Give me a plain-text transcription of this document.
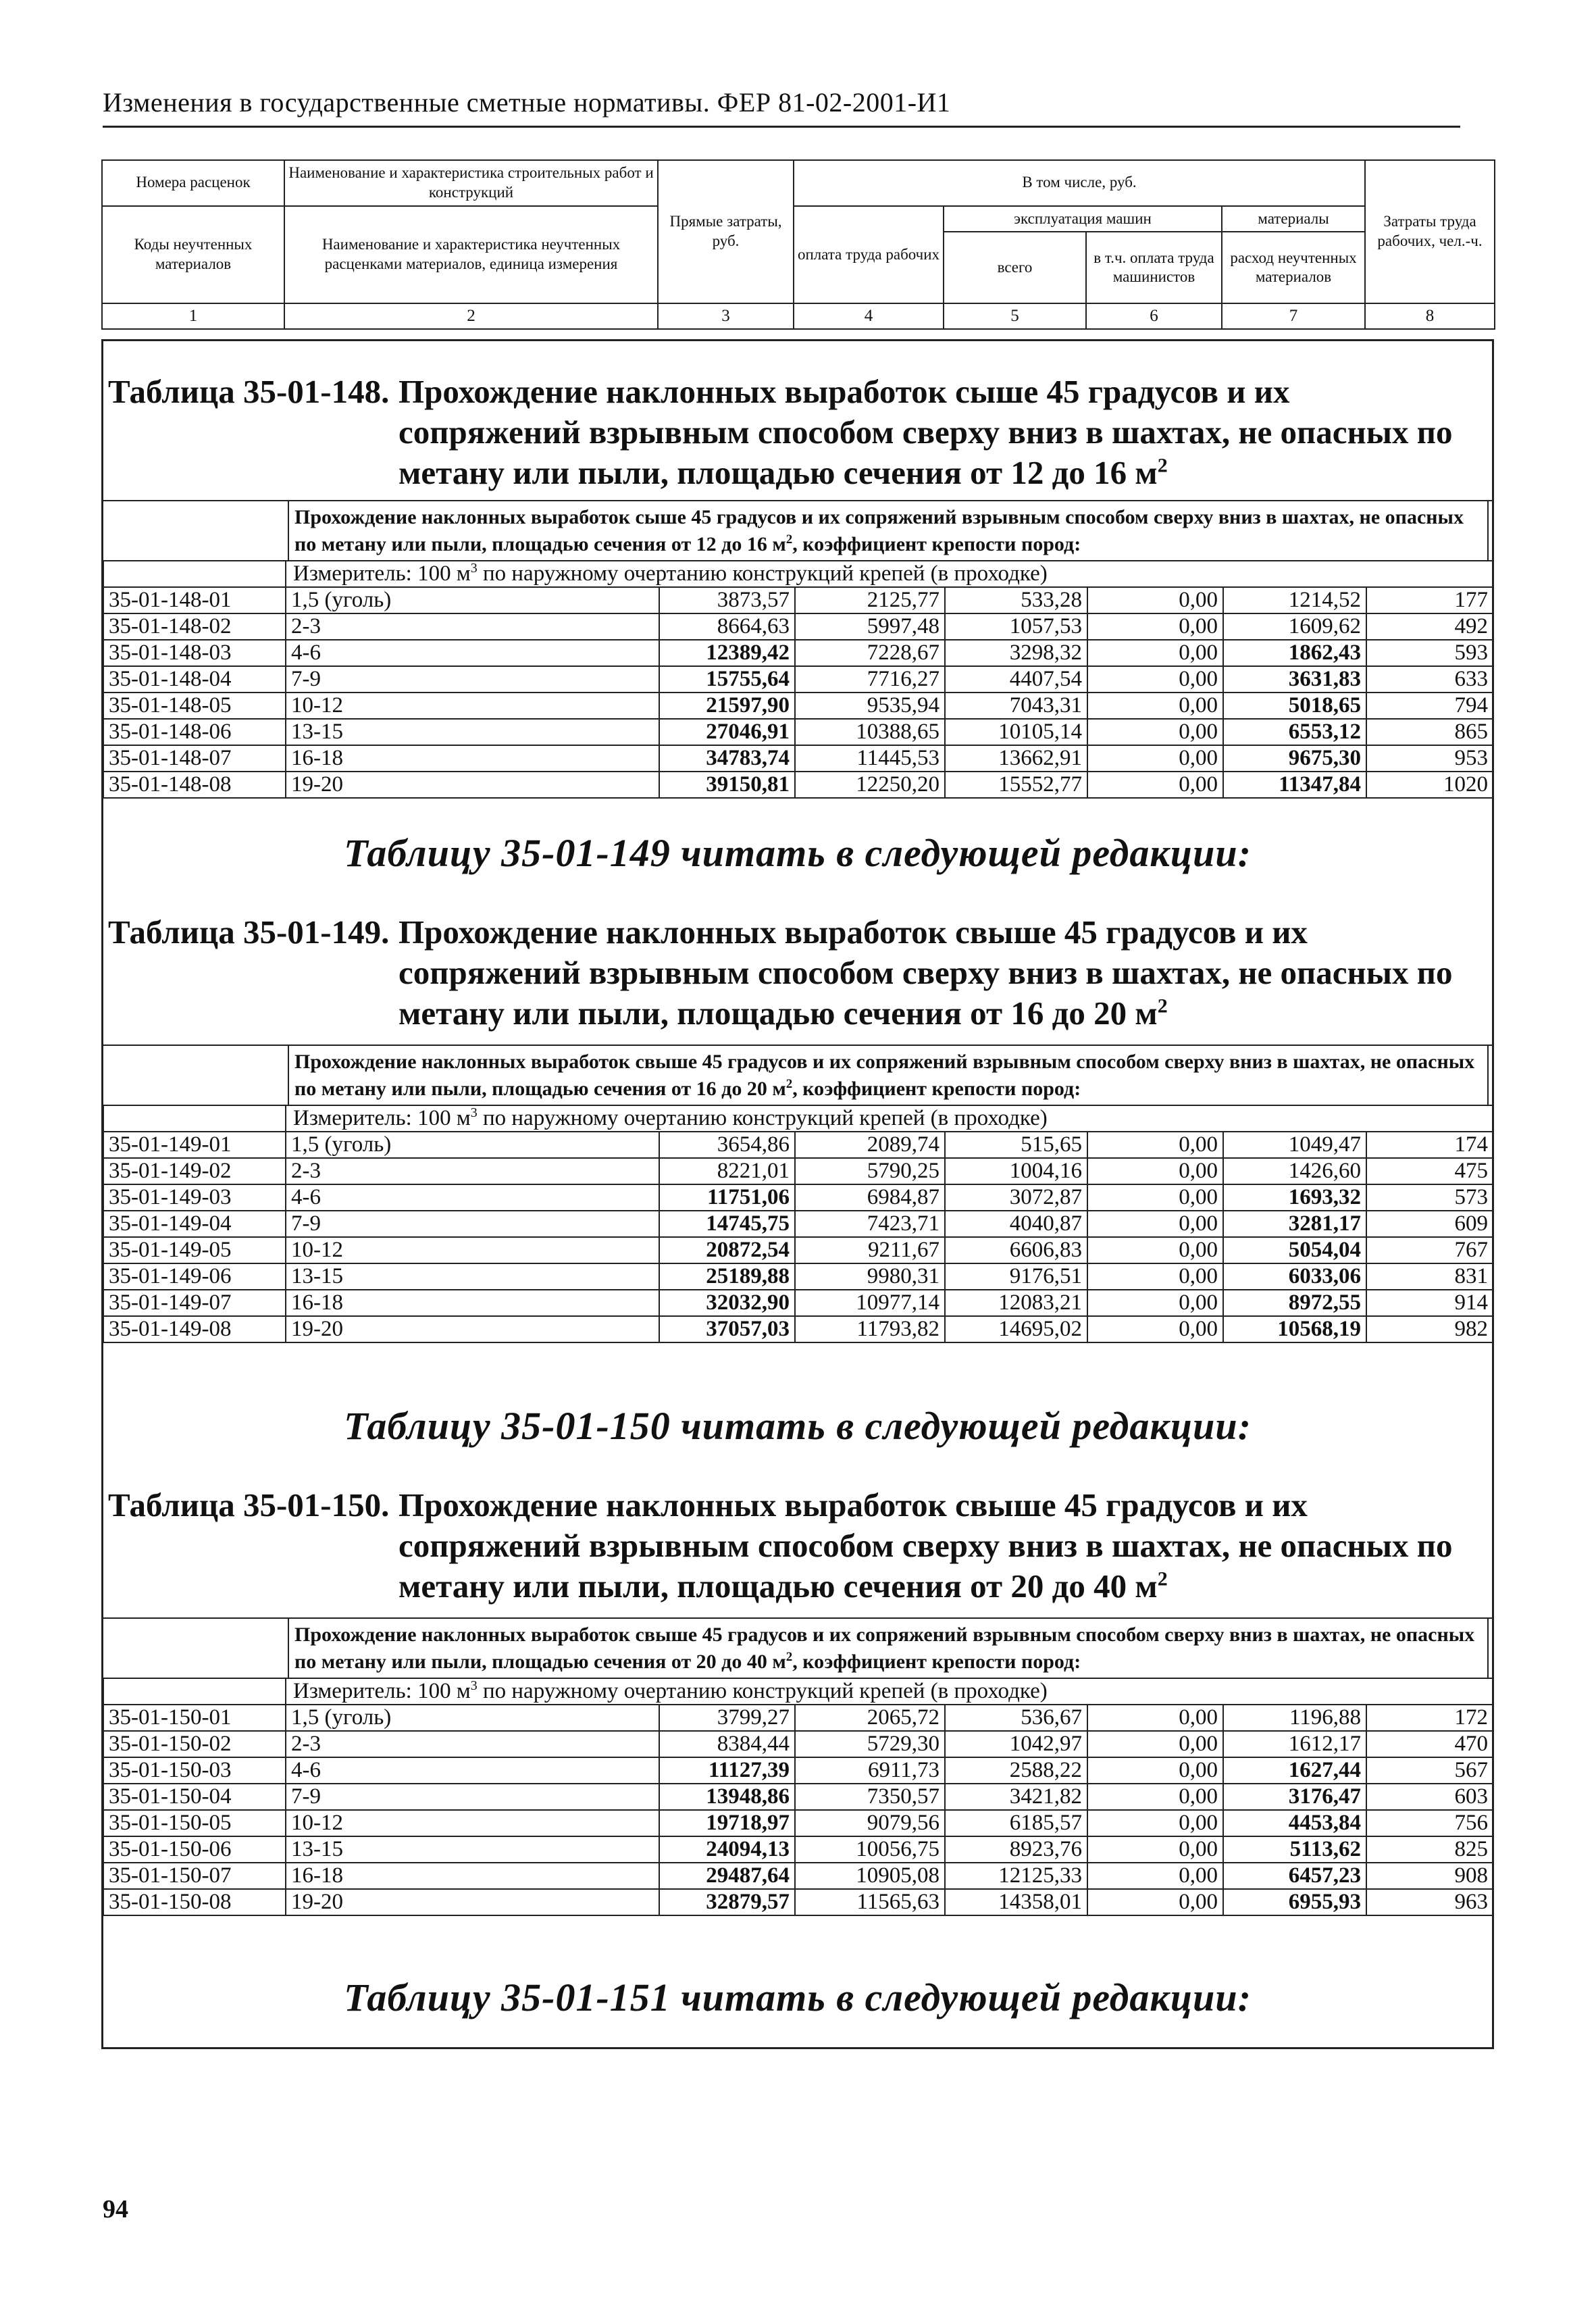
Изменения в государственные сметные нормативы. ФЕР 81-02-2001-И1
Номера расценок	Наименование и характеристика строительных работ и конструкций	Прямые затраты, руб.	В том числе, руб.				Затраты труда рабочих, чел.-ч.
Коды неучтенных материалов	Наименование и характеристика неучтенных расценками материалов, единица измерения		оплата труда рабочих	эксплуатация машин		материалы	
				всего	в т.ч. оплата труда машинистов	расход неучтенных материалов	

1	2	3	4	5	6	7	8
Таблица 35-01-148. Прохождение наклонных выработок сыше 45 градусов и их сопряжений взрывным способом сверху вниз в шахтах, не опасных по метану или пыли, площадью сечения от 12 до 16 $м^2$
Прохождение наклонных выработок сыше 45 градусов и их сопряжений взрывным способом сверху вниз в шахтах, не опасных по метану или пыли, площадью сечения от 12 до 16 $м^2$, коэффициент крепости пород:
	Измеритель: 100 $м^3$ по наружному очертанию конструкций крепей (в проходке)						
35-01-148-01	1,5 (уголь)	3873,57	2125,77	533,28	0,00	1214,52	177
35-01-148-02	2-3	8664,63	5997,48	1057,53	0,00	1609,62	492
35-01-148-03	4-6	12389,42	7228,67	3298,32	0,00	1862,43	593
35-01-148-04	7-9	15755,64	7716,27	4407,54	0,00	3631,83	633
35-01-148-05	10-12	21597,90	9535,94	7043,31	0,00	5018,65	794
35-01-148-06	13-15	27046,91	10388,65	10105,14	0,00	6553,12	865
35-01-148-07	16-18	34783,74	11445,53	13662,91	0,00	9675,30	953
35-01-148-08	19-20	39150,81	12250,20	15552,77	0,00	11347,84	1020
Таблицу 35-01-149 читать в следующей редакции:
Таблица 35-01-149. Прохождение наклонных выработок свыше 45 градусов и их сопряжений взрывным способом сверху вниз в шахтах, не опасных по метану или пыли, площадью сечения от 16 до 20 $м^2$
Прохождение наклонных выработок свыше 45 градусов и их сопряжений взрывным способом сверху вниз в шахтах, не опасных по метану или пыли, площадью сечения от 16 до 20 $м^2$, коэффициент крепости пород:
	Измеритель: 100 $м^3$ по наружному очертанию конструкций крепей (в проходке)						
35-01-149-01	1,5 (уголь)	3654,86	2089,74	515,65	0,00	1049,47	174
35-01-149-02	2-3	8221,01	5790,25	1004,16	0,00	1426,60	475
35-01-149-03	4-6	11751,06	6984,87	3072,87	0,00	1693,32	573
35-01-149-04	7-9	14745,75	7423,71	4040,87	0,00	3281,17	609
35-01-149-05	10-12	20872,54	9211,67	6606,83	0,00	5054,04	767
35-01-149-06	13-15	25189,88	9980,31	9176,51	0,00	6033,06	831
35-01-149-07	16-18	32032,90	10977,14	12083,21	0,00	8972,55	914
35-01-149-08	19-20	37057,03	11793,82	14695,02	0,00	10568,19	982
Таблицу 35-01-150 читать в следующей редакции:
Таблица 35-01-150. Прохождение наклонных выработок свыше 45 градусов и их сопряжений взрывным способом сверху вниз в шахтах, не опасных по метану или пыли, площадью сечения от 20 до 40 $м^2$
Прохождение наклонных выработок свыше 45 градусов и их сопряжений взрывным способом сверху вниз в шахтах, не опасных по метану или пыли, площадью сечения от 20 до 40 $м^2$, коэффициент крепости пород:
	Измеритель: 100 $м^3$ по наружному очертанию конструкций крепей (в проходке)						
35-01-150-01	1,5 (уголь)	3799,27	2065,72	536,67	0,00	1196,88	172
35-01-150-02	2-3	8384,44	5729,30	1042,97	0,00	1612,17	470
35-01-150-03	4-6	11127,39	6911,73	2588,22	0,00	1627,44	567
35-01-150-04	7-9	13948,86	7350,57	3421,82	0,00	3176,47	603
35-01-150-05	10-12	19718,97	9079,56	6185,57	0,00	4453,84	756
35-01-150-06	13-15	24094,13	10056,75	8923,76	0,00	5113,62	825
35-01-150-07	16-18	29487,64	10905,08	12125,33	0,00	6457,23	908
35-01-150-08	19-20	32879,57	11565,63	14358,01	0,00	6955,93	963
Таблицу 35-01-151 читать в следующей редакции:
94
